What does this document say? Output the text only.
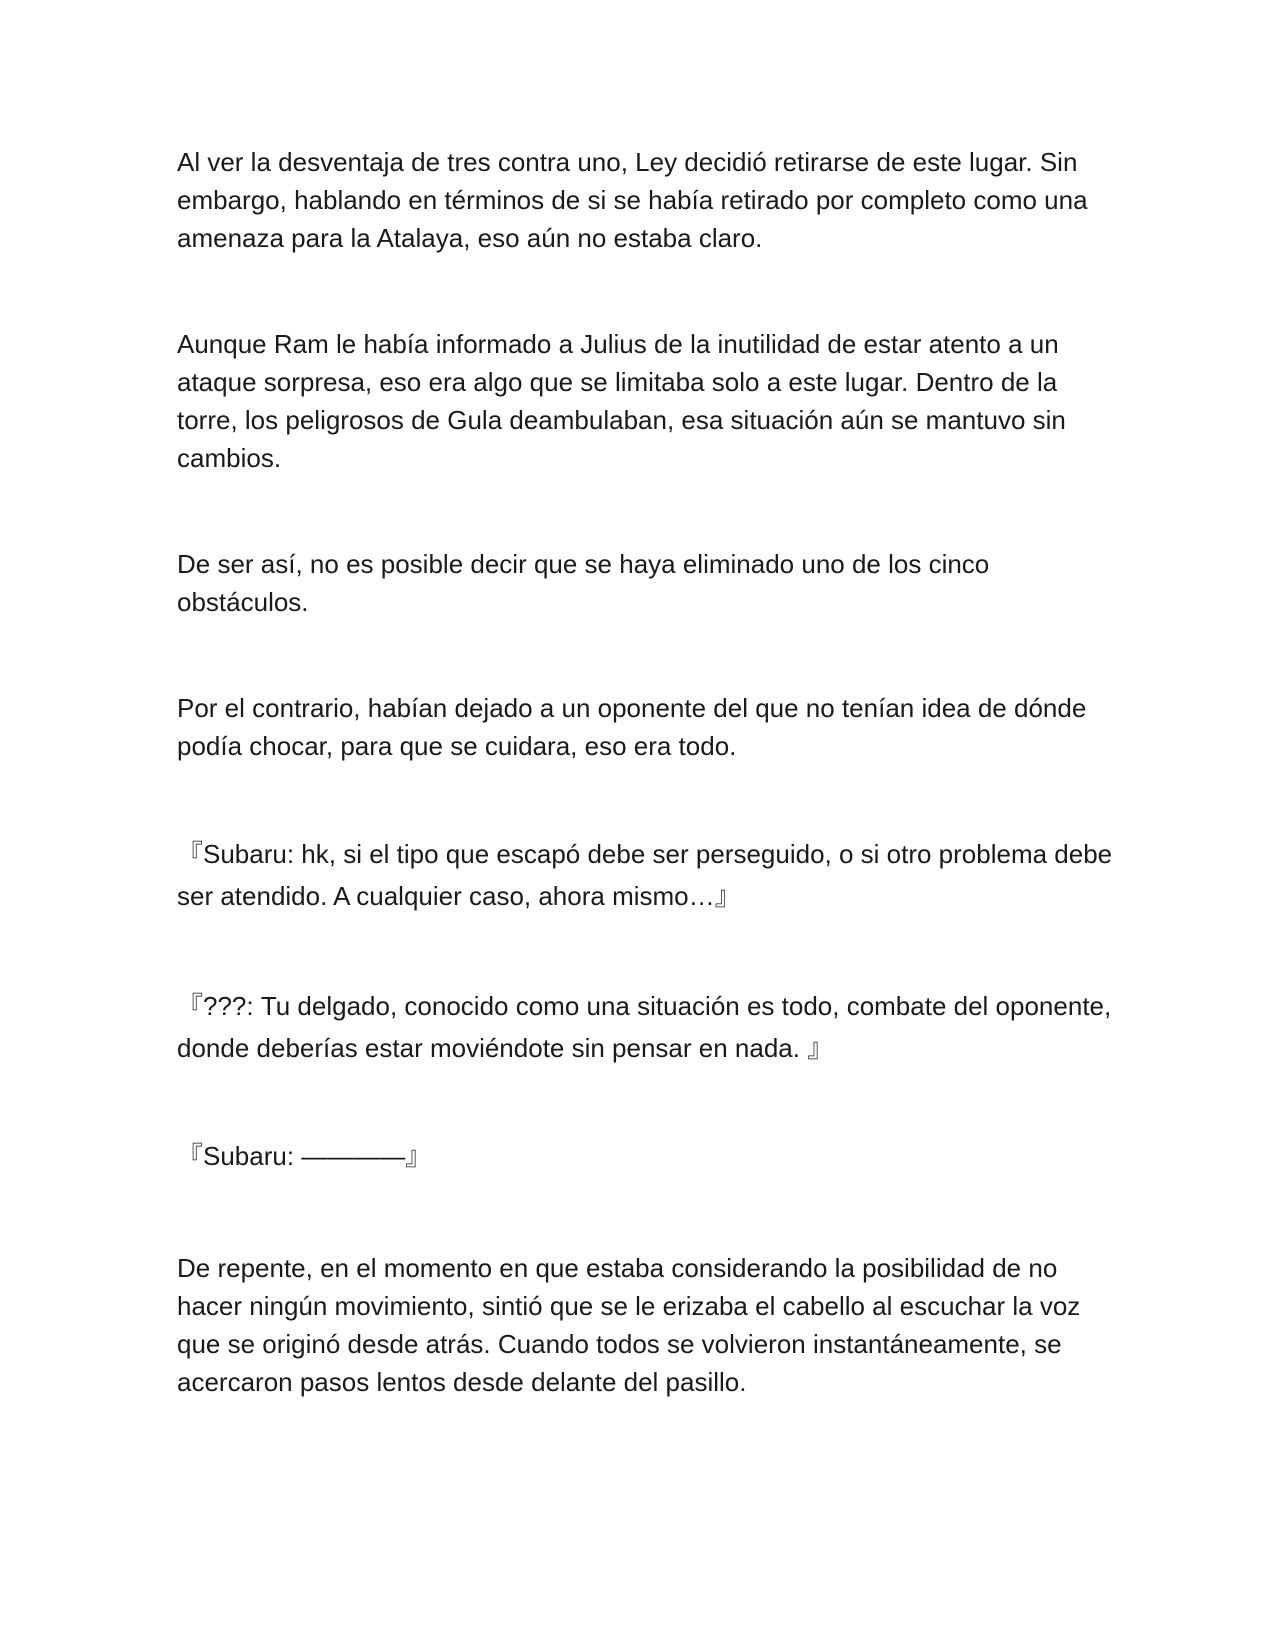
Al ver la desventaja de tres contra uno, Ley decidió retirarse de este lugar. Sin embargo, hablando en términos de si se había retirado por completo como una amenaza para la Atalaya, eso aún no estaba claro.

Aunque Ram le había informado a Julius de la inutilidad de estar atento a un ataque sorpresa, eso era algo que se limitaba solo a este lugar. Dentro de la torre, los peligrosos de Gula deambulaban, esa situación aún se mantuvo sin cambios.

De ser así, no es posible decir que se haya eliminado uno de los cinco obstáculos.

Por el contrario, habían dejado a un oponente del que no tenían idea de dónde podía chocar, para que se cuidara, eso era todo.

『Subaru: hk, si el tipo que escapó debe ser perseguido, o si otro problema debe ser atendido. A cualquier caso, ahora mismo…』

『???: Tu delgado, conocido como una situación es todo, combate del oponente, donde deberías estar moviéndote sin pensar en nada. 』

『Subaru: ————』

De repente, en el momento en que estaba considerando la posibilidad de no hacer ningún movimiento, sintió que se le erizaba el cabello al escuchar la voz que se originó desde atrás. Cuando todos se volvieron instantáneamente, se acercaron pasos lentos desde delante del pasillo.
